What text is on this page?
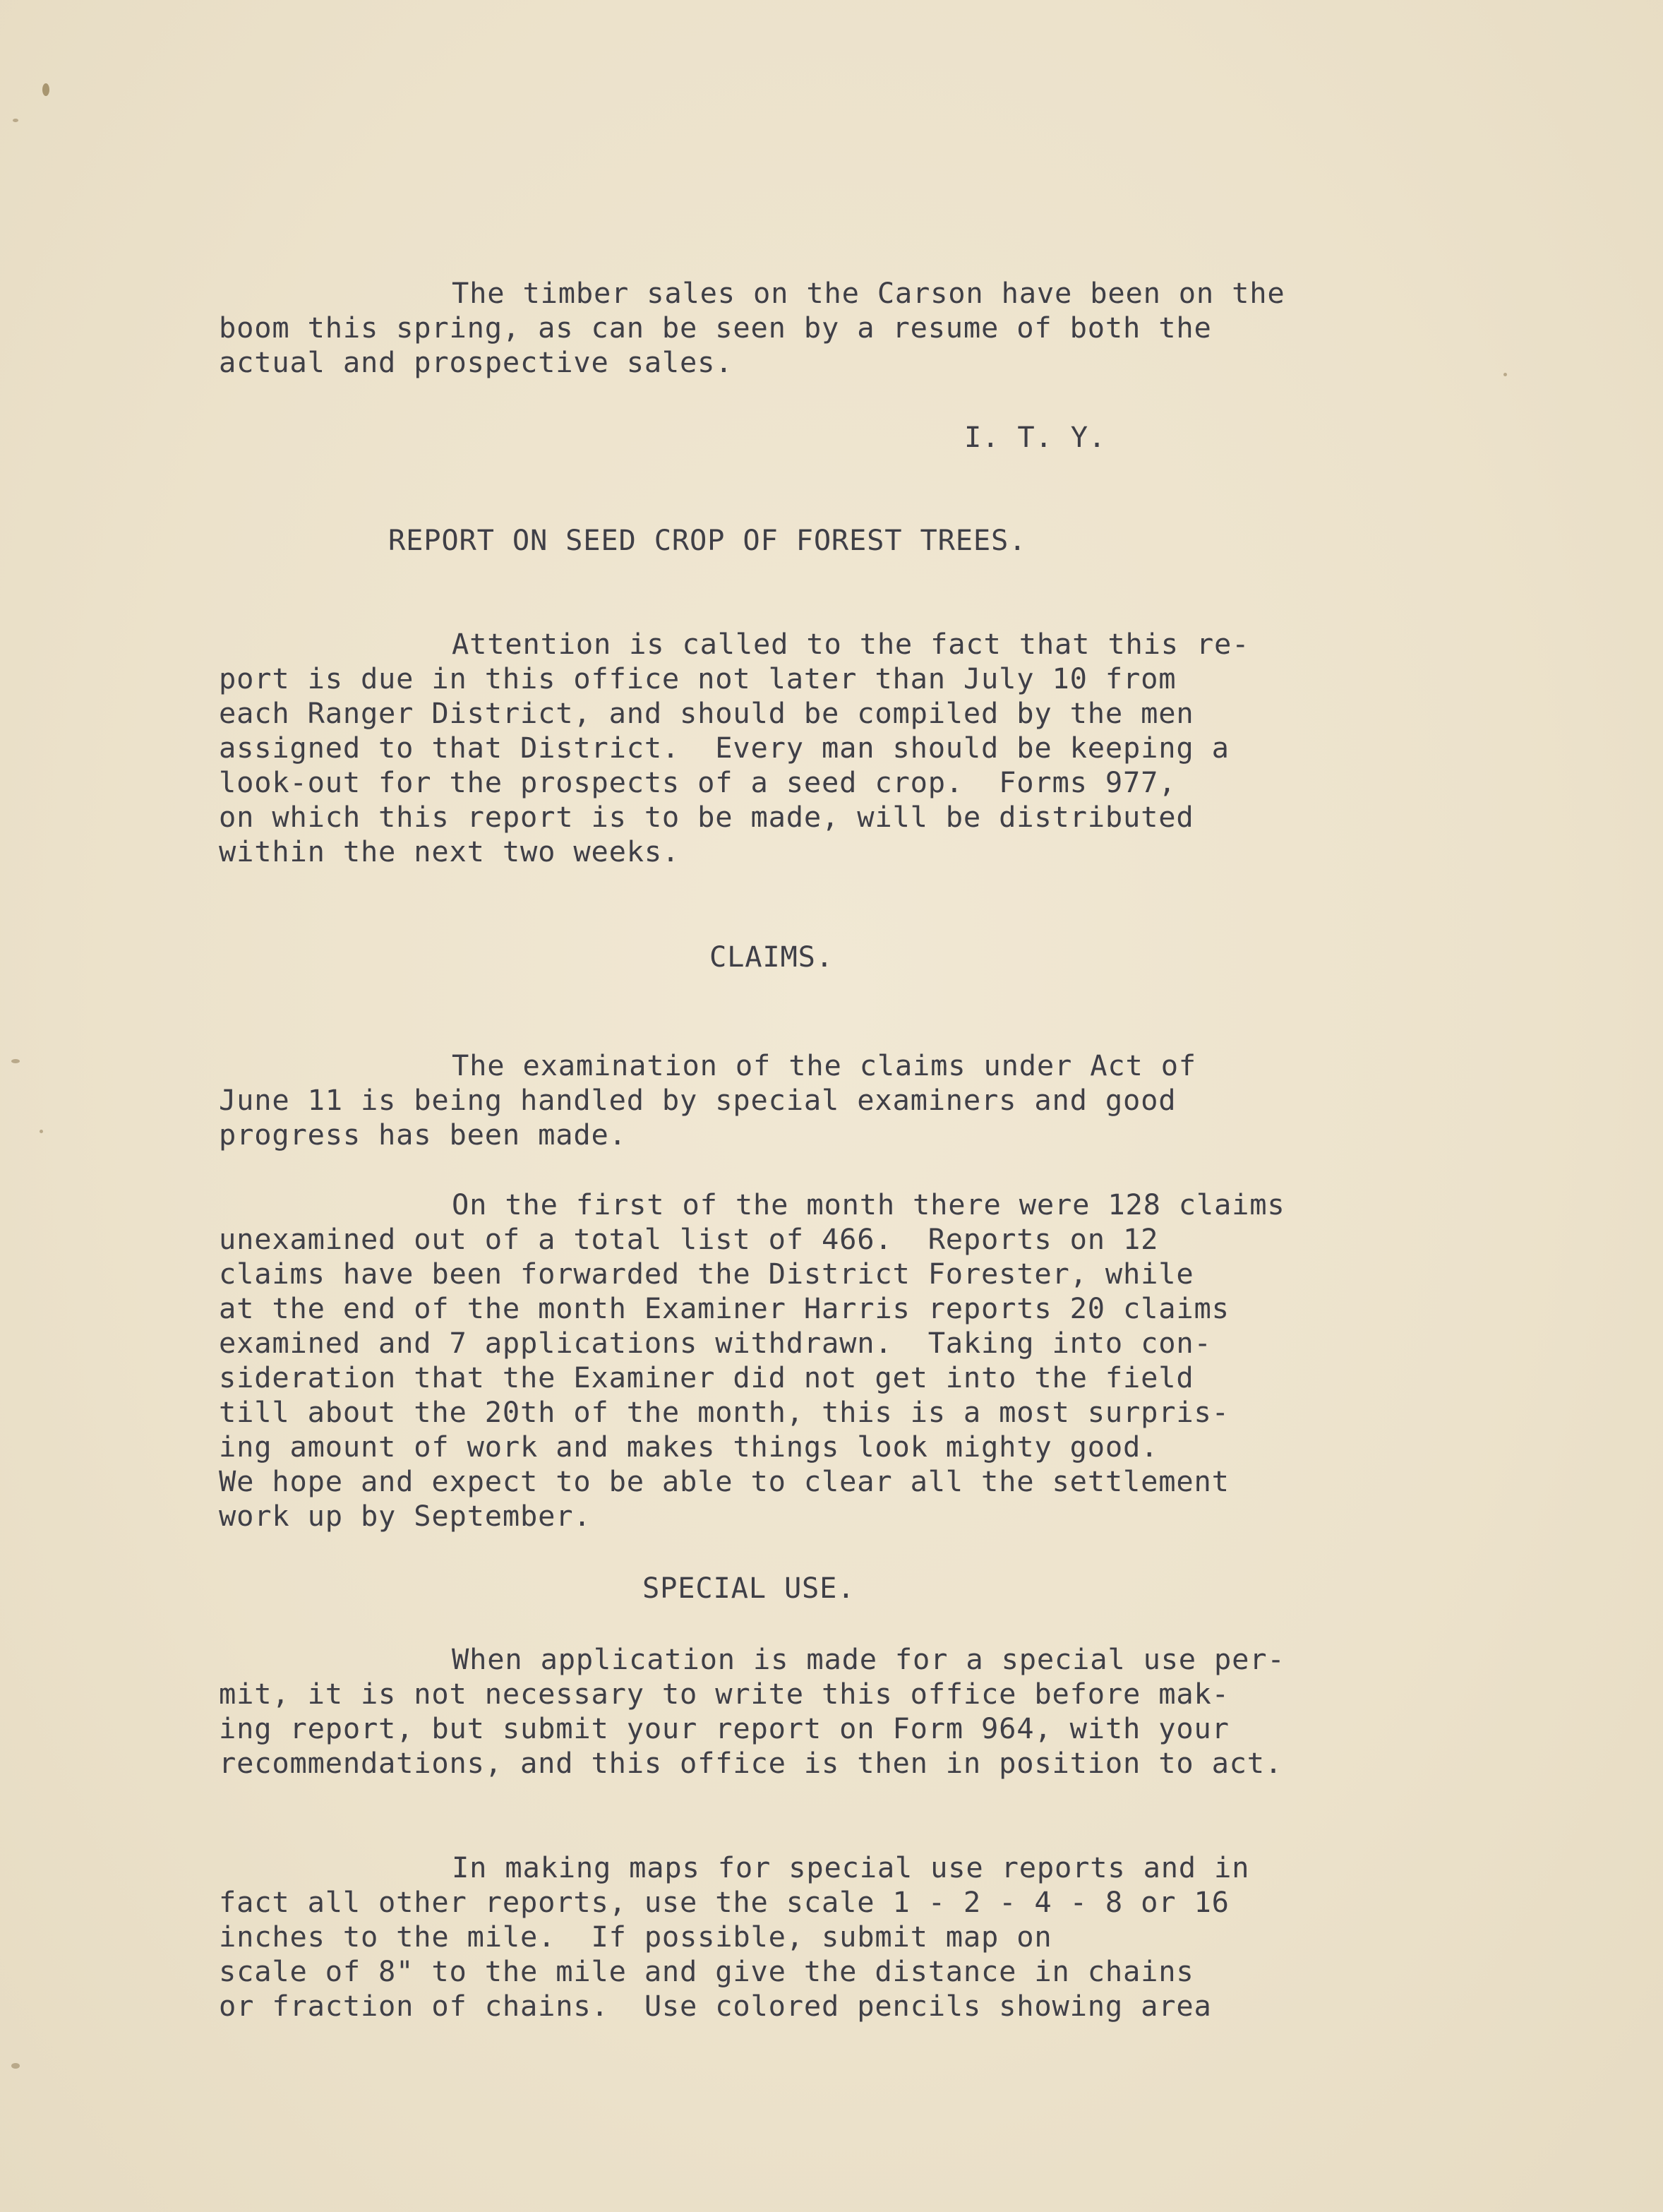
The timber sales on the Carson have been on the
boom this spring, as can be seen by a resume of both the
actual and prospective sales.
I. T. Y.
REPORT ON SEED CROP OF FOREST TREES.
Attention is called to the fact that this re-
port is due in this office not later than July 10 from
each Ranger District, and should be compiled by the men
assigned to that District.  Every man should be keeping a
look-out for the prospects of a seed crop.  Forms 977,
on which this report is to be made, will be distributed
within the next two weeks.
CLAIMS.
The examination of the claims under Act of
June 11 is being handled by special examiners and good
progress has been made.
On the first of the month there were 128 claims
unexamined out of a total list of 466.  Reports on 12
claims have been forwarded the District Forester, while
at the end of the month Examiner Harris reports 20 claims
examined and 7 applications withdrawn.  Taking into con-
sideration that the Examiner did not get into the field
till about the 20th of the month, this is a most surpris-
ing amount of work and makes things look mighty good.
We hope and expect to be able to clear all the settlement
work up by September.
SPECIAL USE.
When application is made for a special use per-
mit, it is not necessary to write this office before mak-
ing report, but submit your report on Form 964, with your
recommendations, and this office is then in position to act.
In making maps for special use reports and in
fact all other reports, use the scale 1 - 2 - 4 - 8 or 16
inches to the mile.  If possible, submit map on
scale of 8" to the mile and give the distance in chains
or fraction of chains.  Use colored pencils showing area
